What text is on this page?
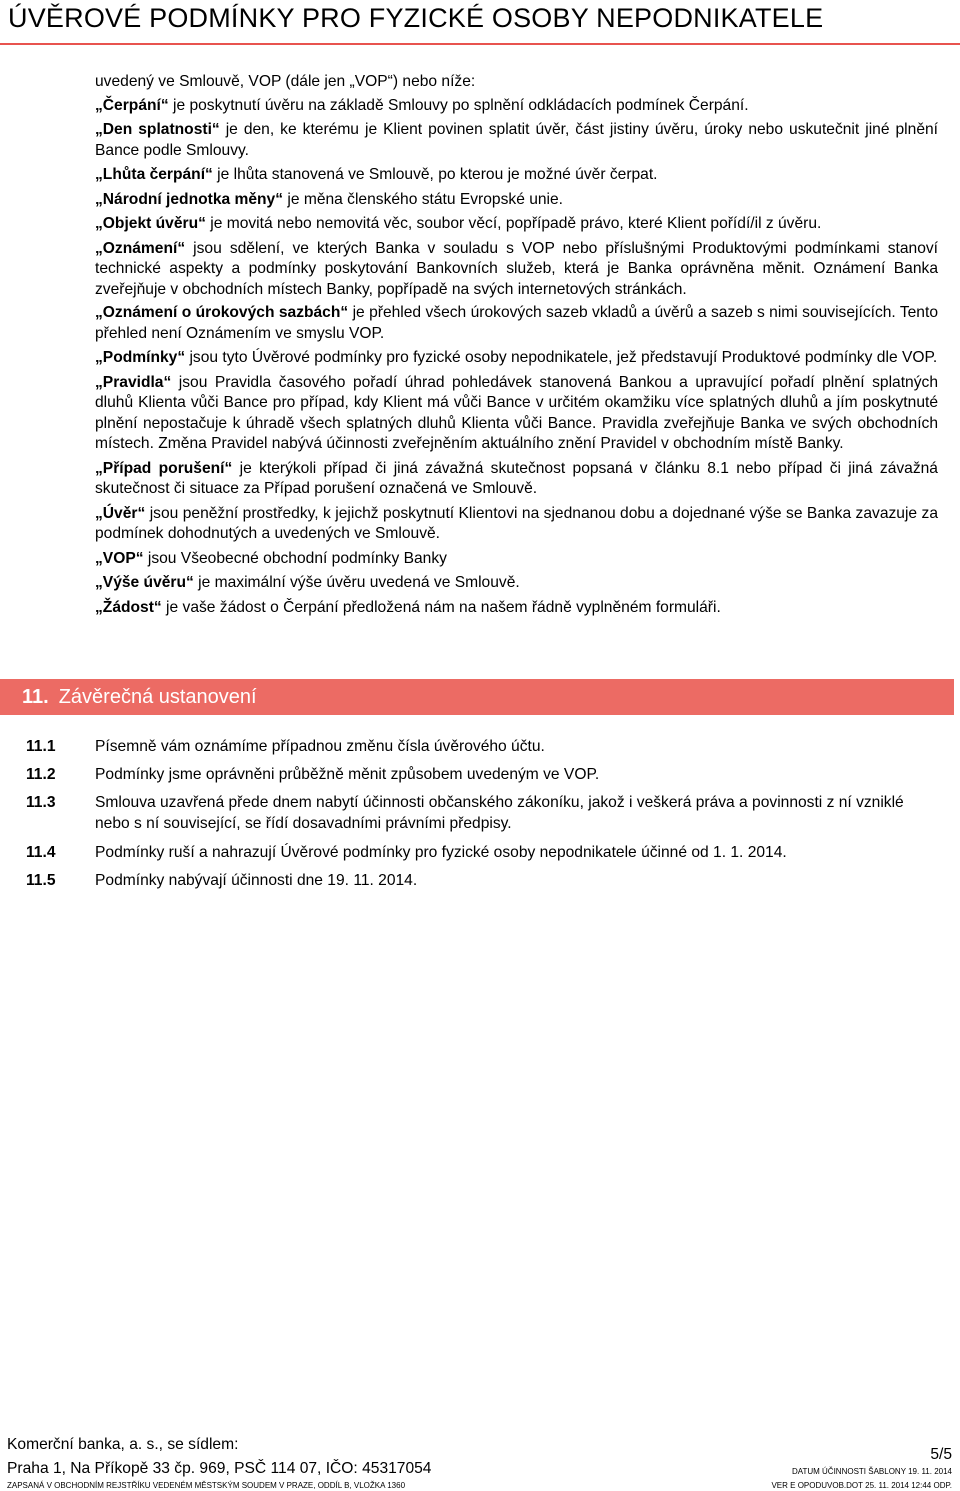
ÚVĚROVÉ PODMÍNKY PRO FYZICKÉ OSOBY NEPODNIKATELE

uvedený ve Smlouvě, VOP (dále jen „VOP“) nebo níže:

„Čerpání“ je poskytnutí úvěru na základě Smlouvy po splnění odkládacích podmínek Čerpání.

„Den splatnosti“ je den, ke kterému je Klient povinen splatit úvěr, část jistiny úvěru, úroky nebo uskutečnit jiné plnění Bance podle Smlouvy.

„Lhůta čerpání“ je lhůta stanovená ve Smlouvě, po kterou je možné úvěr čerpat.

„Národní jednotka měny“ je měna členského státu Evropské unie.

„Objekt úvěru“ je movitá nebo nemovitá věc, soubor věcí, popřípadě právo, které Klient pořídí/il z úvěru.

„Oznámení“ jsou sdělení, ve kterých Banka v souladu s VOP nebo příslušnými Produktovými podmínkami stanoví technické aspekty a podmínky poskytování Bankovních služeb, která je Banka oprávněna měnit. Oznámení Banka zveřejňuje v obchodních místech Banky, popřípadě na svých internetových stránkách.

„Oznámení o úrokových sazbách“ je přehled všech úrokových sazeb vkladů a úvěrů a sazeb s nimi souvisejících. Tento přehled není Oznámením ve smyslu VOP.

„Podmínky“ jsou tyto Úvěrové podmínky pro fyzické osoby nepodnikatele, jež představují Produktové podmínky dle VOP.

„Pravidla“ jsou Pravidla časového pořadí úhrad pohledávek stanovená Bankou a upravující pořadí plnění splatných dluhů Klienta vůči Bance pro případ, kdy Klient má vůči Bance v určitém okamžiku více splatných dluhů a jím poskytnuté plnění nepostačuje k úhradě všech splatných dluhů Klienta vůči Bance. Pravidla zveřejňuje Banka ve svých obchodních místech. Změna Pravidel nabývá účinnosti zveřejněním aktuálního znění Pravidel v obchodním místě Banky.

„Případ porušení“ je kterýkoli případ či jiná závažná skutečnost popsaná v článku 8.1 nebo případ či jiná závažná skutečnost či situace za Případ porušení označená ve Smlouvě.

„Úvěr“ jsou peněžní prostředky, k jejichž poskytnutí Klientovi na sjednanou dobu a dojednané výše se Banka zavazuje za podmínek dohodnutých a uvedených ve Smlouvě.

„VOP“ jsou Všeobecné obchodní podmínky Banky

„Výše úvěru“ je maximální výše úvěru uvedená ve Smlouvě.

„Žádost“ je vaše žádost o Čerpání předložená nám na našem řádně vyplněném formuláři.

11. Závěrečná ustanovení
11.1	Písemně vám oznámíme případnou změnu čísla úvěrového účtu.
11.2	Podmínky jsme oprávněni průběžně měnit způsobem uvedeným ve VOP.
11.3	Smlouva uzavřená přede dnem nabytí účinnosti občanského zákoníku, jakož i veškerá práva a povinnosti z ní vzniklé nebo s ní související, se řídí dosavadními právními předpisy.
11.4	Podmínky ruší a nahrazují Úvěrové podmínky pro fyzické osoby nepodnikatele účinné od 1. 1. 2014.
11.5	Podmínky nabývají účinnosti dne 19. 11. 2014.
Komerční banka, a. s., se sídlem:
Praha 1, Na Příkopě 33 čp. 969, PSČ 114 07, IČO: 45317054
ZAPSANÁ V OBCHODNÍM REJSTŘÍKU VEDENÉM MĚSTSKÝM SOUDEM V PRAZE, ODDÍL B, VLOŽKA 1360
5/5
DATUM ÚČINNOSTI ŠABLONY 19. 11. 2014
VER E OPODUVOB.DOT 25. 11. 2014 12:44 ODP.
